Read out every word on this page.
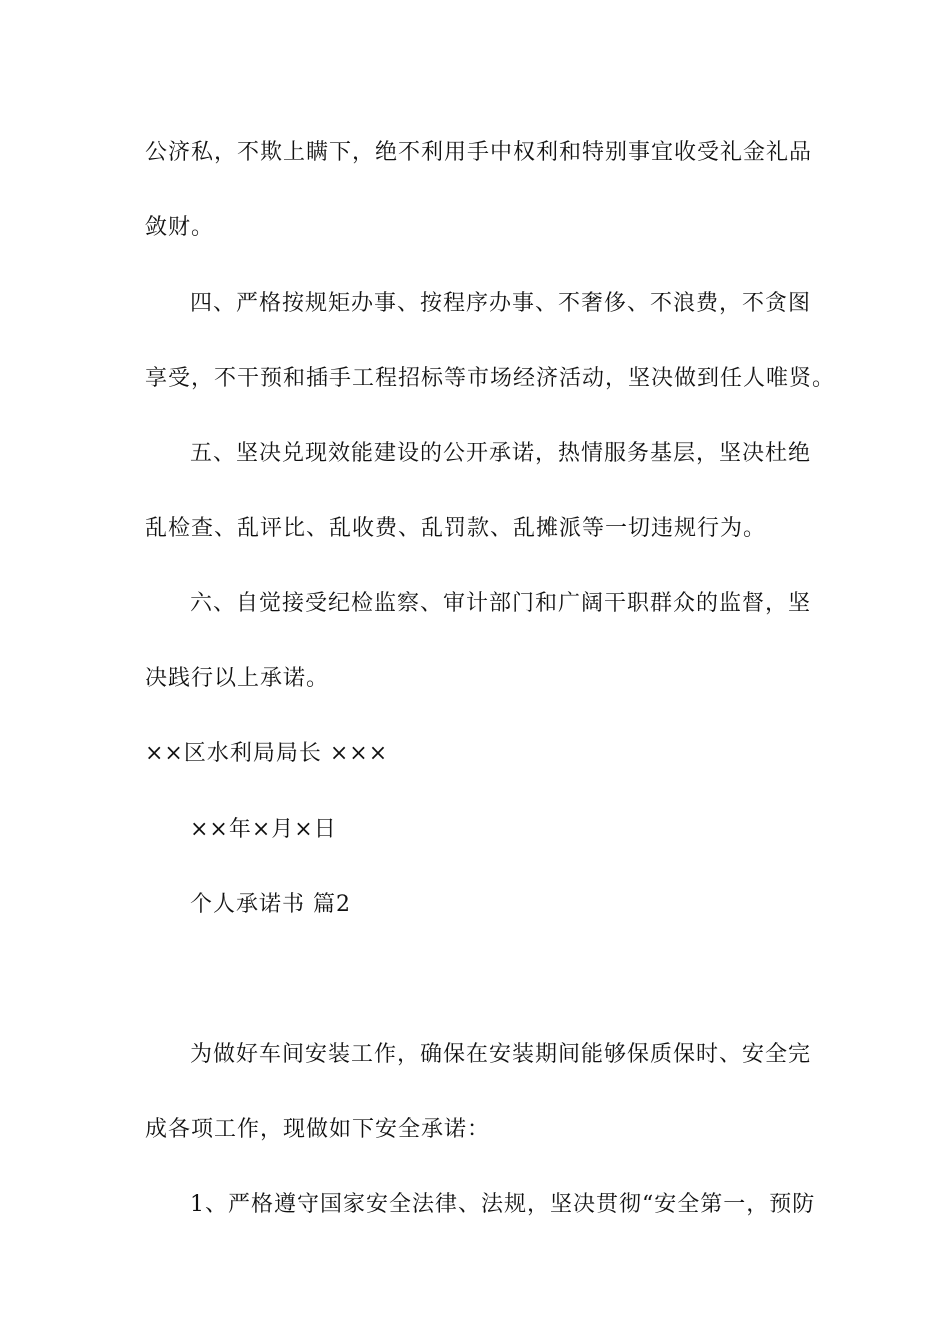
公济私，不欺上瞒下，绝不利用手中权利和特别事宜收受礼金礼品
敛财。
四、严格按规矩办事、按程序办事、不奢侈、不浪费，不贪图
享受，不干预和插手工程招标等市场经济活动，坚决做到任人唯贤。
五、坚决兑现效能建设的公开承诺，热情服务基层，坚决杜绝
乱检查、乱评比、乱收费、乱罚款、乱摊派等一切违规行为。
六、自觉接受纪检监察、审计部门和广阔干职群众的监督，坚
决践行以上承诺。
××区水利局局长 ×××
××年×月×日
个人承诺书 篇2
为做好车间安装工作，确保在安装期间能够保质保时、安全完
成各项工作，现做如下安全承诺：
1、严格遵守国家安全法律、法规，坚决贯彻“安全第一，预防
